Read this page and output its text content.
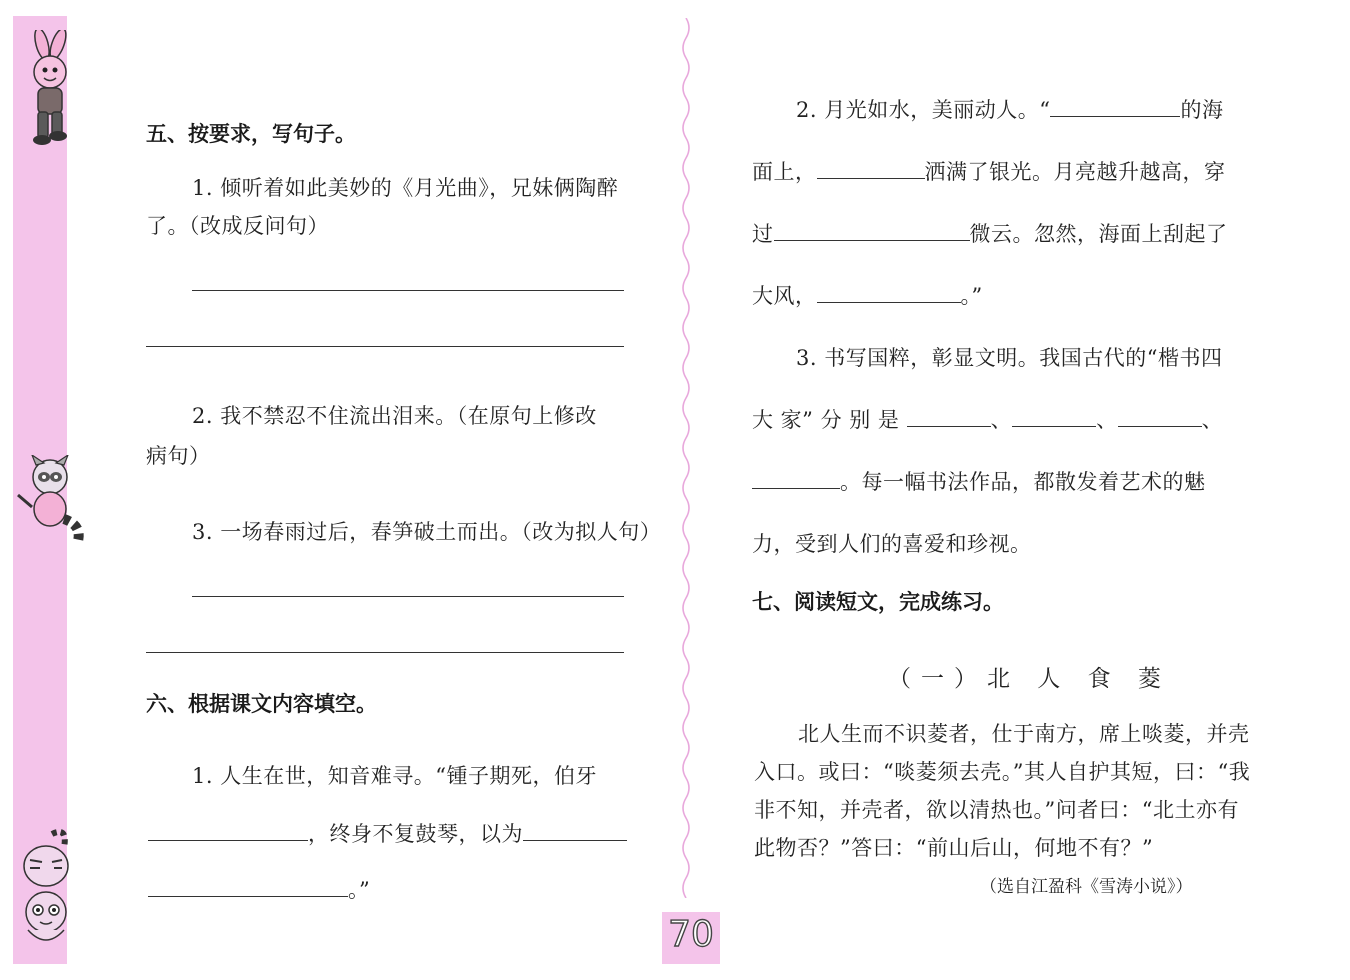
五、按要求，写句子。
1. 倾听着如此美妙的《月光曲》，兄妹俩陶醉
了。（改成反问句）
2. 我不禁忍不住流出泪来。（在原句上修改
病句）
3. 一场春雨过后，春笋破土而出。（改为拟人句）
六、根据课文内容填空。
1. 人生在世，知音难寻。“锺子期死，伯牙
，终身不复鼓琴，以为
。”
2. 月光如水，美丽动人。“	的海
面上，	洒满了银光。月亮越升越高，穿
过	微云。忽然，海面上刮起了
大风，	。”
3. 书写国粹，彰显文明。我国古代的“楷书四
大 家” 分 别 是	、	、	、
。每一幅书法作品，都散发着艺术的魅
力，受到人们的喜爱和珍视。
七、阅读短文，完成练习。
（一）北 人 食 菱
北人生而不识菱者，仕于南方，席上啖菱，并壳
入口。或曰：“啖菱须去壳。”其人自护其短，曰：“我
非不知，并壳者，欲以清热也。”问者曰：“北土亦有
此物否？”答曰：“前山后山，何地不有？”
（选自江盈科《雪涛小说》）
70
